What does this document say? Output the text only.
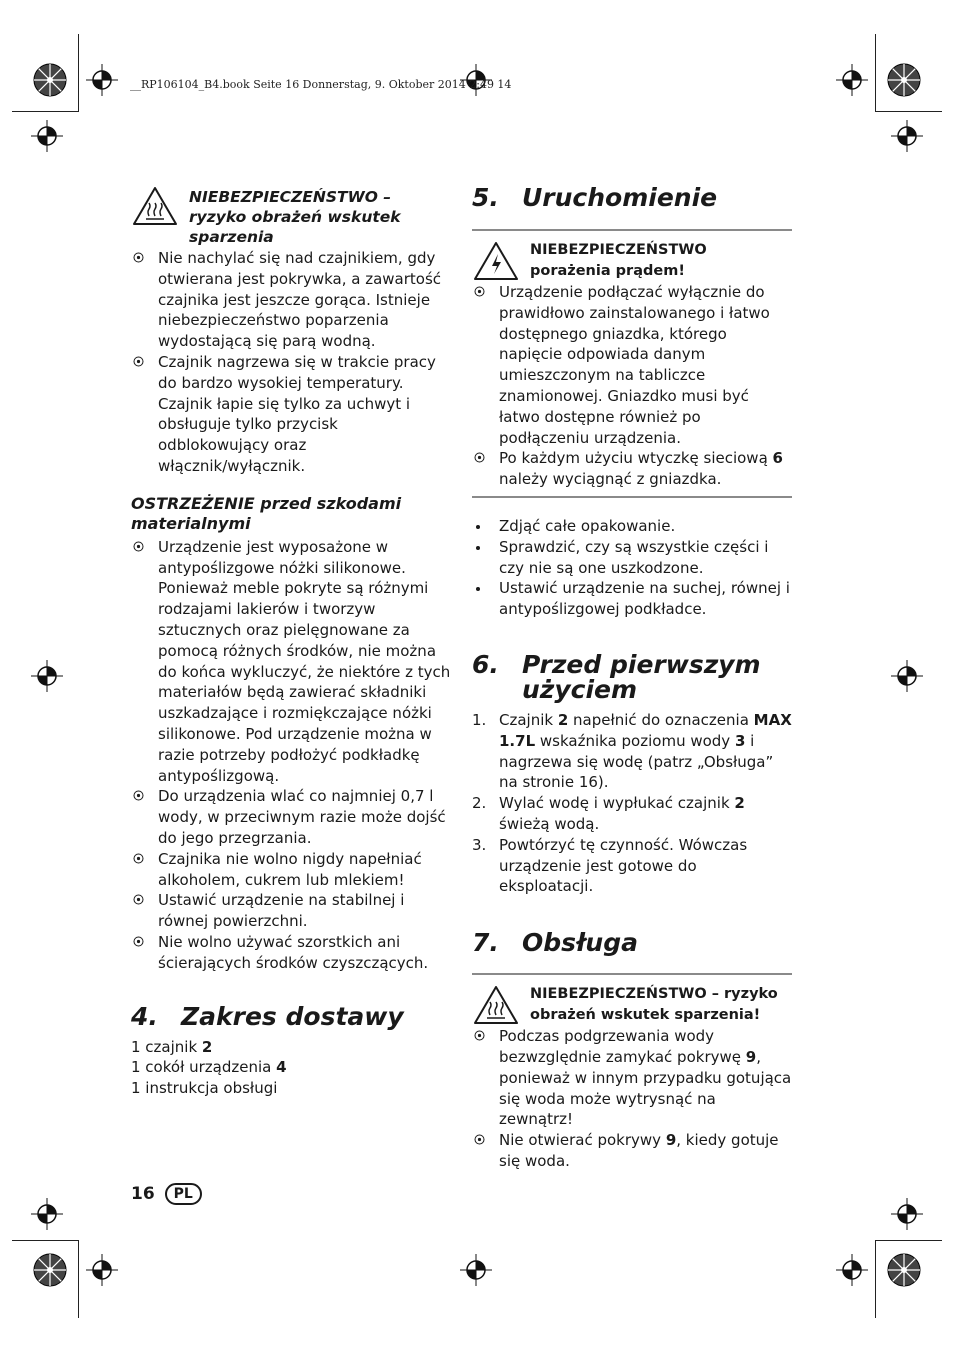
__RP106104_B4.book Seite 16 Donnerstag, 9. Oktober 2014 2:49 14
NIEBEZPIECZEŃSTWO – ryzyko obrażeń wskutek sparzenia
Nie nachylać się nad czajnikiem, gdy otwierana jest pokrywka, a zawartość czajnika jest jeszcze gorąca. Istnieje niebezpieczeństwo poparzenia wydostającą się parą wodną.
Czajnik nagrzewa się w trakcie pracy do bardzo wysokiej temperatury. Czajnik łapie się tylko za uchwyt i obsługuje tylko przycisk odblokowujący oraz włącznik/wyłącznik.
OSTRZEŻENIE przed szkodami materialnymi
Urządzenie jest wyposażone w antypoślizgowe nóżki silikonowe. Ponieważ meble pokryte są różnymi rodzajami lakierów i tworzyw sztucznych oraz pielęgnowane za pomocą różnych środków, nie można do końca wykluczyć, że niektóre z tych materiałów będą zawierać składniki uszkadzające i rozmiękczające nóżki silikonowe. Pod urządzenie można w razie potrzeby podłożyć podkładkę antypoślizgową.
Do urządzenia wlać co najmniej 0,7 l wody, w przeciwnym razie może dojść do jego przegrzania.
Czajnika nie wolno nigdy napełniać alkoholem, cukrem lub mlekiem!
Ustawić urządzenie na stabilnej i równej powierzchni.
Nie wolno używać szorstkich ani ścierających środków czyszczących.
4. Zakres dostawy
1 czajnik 2
1 cokół urządzenia 4
1 instrukcja obsługi
5. Uruchomienie
NIEBEZPIECZEŃSTWO porażenia prądem!
Urządzenie podłączać wyłącznie do prawidłowo zainstalowanego i łatwo dostępnego gniazdka, którego napięcie odpowiada danym umieszczonym na tabliczce znamionowej. Gniazdko musi być łatwo dostępne również po podłączeniu urządzenia.
Po każdym użyciu wtyczkę sieciową 6 należy wyciągnąć z gniazdka.
Zdjąć całe opakowanie.
Sprawdzić, czy są wszystkie części i czy nie są one uszkodzone.
Ustawić urządzenie na suchej, równej i antypoślizgowej podkładce.
6. Przed pierwszym użyciem
1. Czajnik 2 napełnić do oznaczenia MAX 1.7L wskaźnika poziomu wody 3 i nagrzewa się wodę (patrz „Obsługa” na stronie 16).
2. Wylać wodę i wypłukać czajnik 2 świeżą wodą.
3. Powtórzyć tę czynność. Wówczas urządzenie jest gotowe do eksploatacji.
7. Obsługa
NIEBEZPIECZEŃSTWO – ryzyko obrażeń wskutek sparzenia!
Podczas podgrzewania wody bezwzględnie zamykać pokrywę 9, ponieważ w innym przypadku gotująca się woda może wytrysnąć na zewnątrz!
Nie otwierać pokrywy 9, kiedy gotuje się woda.
16	PL
